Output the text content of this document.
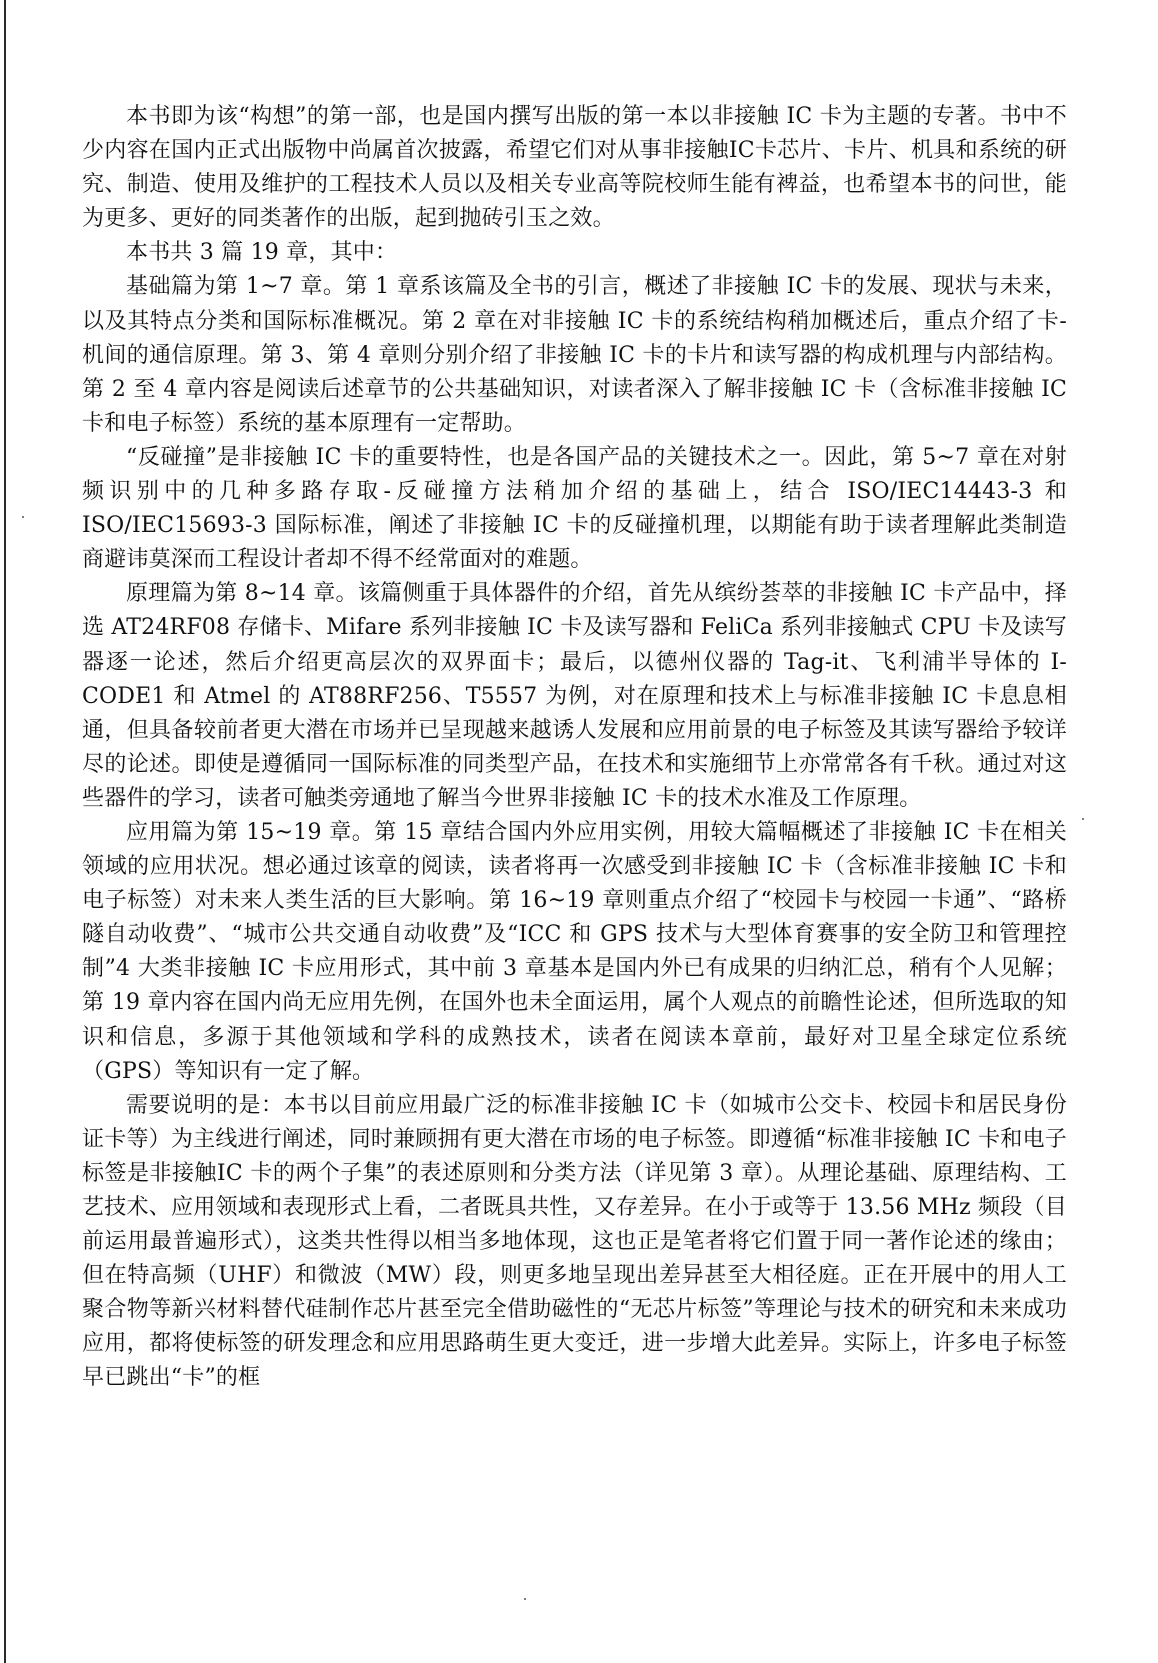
本书即为该“构想”的第一部，也是国内撰写出版的第一本以非接触 IC 卡为主题的专著。书中不少内容在国内正式出版物中尚属首次披露，希望它们对从事非接触IC卡芯片、卡片、机具和系统的研究、制造、使用及维护的工程技术人员以及相关专业高等院校师生能有裨益，也希望本书的问世，能为更多、更好的同类著作的出版，起到抛砖引玉之效。

本书共 3 篇 19 章，其中：

基础篇为第 1~7 章。第 1 章系该篇及全书的引言，概述了非接触 IC 卡的发展、现状与未来，以及其特点分类和国际标准概况。第 2 章在对非接触 IC 卡的系统结构稍加概述后，重点介绍了卡-机间的通信原理。第 3、第 4 章则分别介绍了非接触 IC 卡的卡片和读写器的构成机理与内部结构。第 2 至 4 章内容是阅读后述章节的公共基础知识，对读者深入了解非接触 IC 卡（含标准非接触 IC 卡和电子标签）系统的基本原理有一定帮助。

“反碰撞”是非接触 IC 卡的重要特性，也是各国产品的关键技术之一。因此，第 5~7 章在对射频识别中的几种多路存取-反碰撞方法稍加介绍的基础上，结合 ISO/IEC14443-3 和 ISO/IEC15693-3 国际标准，阐述了非接触 IC 卡的反碰撞机理，以期能有助于读者理解此类制造商避讳莫深而工程设计者却不得不经常面对的难题。

原理篇为第 8~14 章。该篇侧重于具体器件的介绍，首先从缤纷荟萃的非接触 IC 卡产品中，择选 AT24RF08 存储卡、Mifare 系列非接触 IC 卡及读写器和 FeliCa 系列非接触式 CPU 卡及读写器逐一论述，然后介绍更高层次的双界面卡；最后，以德州仪器的 Tag-it、飞利浦半导体的 I-CODE1 和 Atmel 的 AT88RF256、T5557 为例，对在原理和技术上与标准非接触 IC 卡息息相通，但具备较前者更大潜在市场并已呈现越来越诱人发展和应用前景的电子标签及其读写器给予较详尽的论述。即使是遵循同一国际标准的同类型产品，在技术和实施细节上亦常常各有千秋。通过对这些器件的学习，读者可触类旁通地了解当今世界非接触 IC 卡的技术水准及工作原理。

应用篇为第 15~19 章。第 15 章结合国内外应用实例，用较大篇幅概述了非接触 IC 卡在相关领域的应用状况。想必通过该章的阅读，读者将再一次感受到非接触 IC 卡（含标准非接触 IC 卡和电子标签）对未来人类生活的巨大影响。第 16~19 章则重点介绍了“校园卡与校园一卡通”、“路桥隧自动收费”、“城市公共交通自动收费”及“ICC 和 GPS 技术与大型体育赛事的安全防卫和管理控制”4 大类非接触 IC 卡应用形式，其中前 3 章基本是国内外已有成果的归纳汇总，稍有个人见解；第 19 章内容在国内尚无应用先例，在国外也未全面运用，属个人观点的前瞻性论述，但所选取的知识和信息，多源于其他领域和学科的成熟技术，读者在阅读本章前，最好对卫星全球定位系统（GPS）等知识有一定了解。

需要说明的是：本书以目前应用最广泛的标准非接触 IC 卡（如城市公交卡、校园卡和居民身份证卡等）为主线进行阐述，同时兼顾拥有更大潜在市场的电子标签。即遵循“标准非接触 IC 卡和电子标签是非接触IC 卡的两个子集”的表述原则和分类方法（详见第 3 章）。从理论基础、原理结构、工艺技术、应用领域和表现形式上看，二者既具共性，又存差异。在小于或等于 13.56 MHz 频段（目前运用最普遍形式），这类共性得以相当多地体现，这也正是笔者将它们置于同一著作论述的缘由；但在特高频（UHF）和微波（MW）段，则更多地呈现出差异甚至大相径庭。正在开展中的用人工聚合物等新兴材料替代硅制作芯片甚至完全借助磁性的“无芯片标签”等理论与技术的研究和未来成功应用，都将使标签的研发理念和应用思路萌生更大变迁，进一步增大此差异。实际上，许多电子标签早已跳出“卡”的框
